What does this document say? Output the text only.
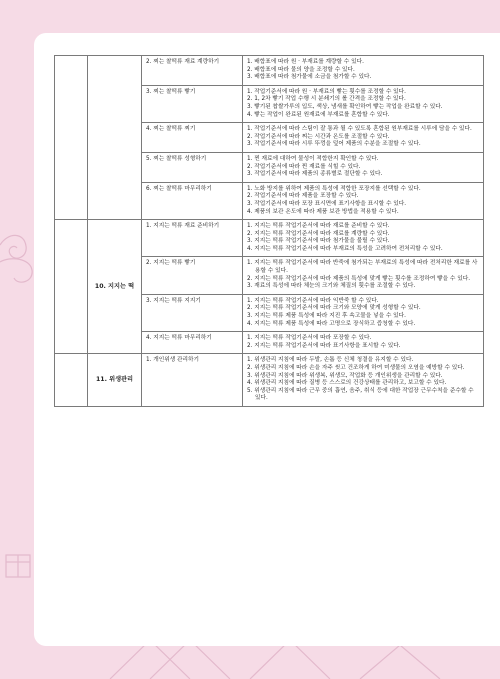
		2. 찌는 찰떡류 재료 계량하기	1. 배합표에 따라 원 · 부재료를 계량할 수 있다.
2. 배합표에 따라 물의 양을 조정할 수 있다.
3. 배합표에 따라 첨가물에 소금을 첨가할 수 있다.

		3. 찌는 찰떡류 빻기	1. 작업기준서에 따라 원 · 부재료의 빻는 횟수를 조정할 수 있다.
2. 1, 2차 빻기 작업 수행 시 분쇄기의 롤 간격을 조정할 수 있다.
3. 빻기된 찹쌀가루의 입도, 색상, 냄새를 확인하여 빻는 작업을 완료할 수 있다.
4. 빻는 작업이 완료된 원재료에 부재료를 혼합할 수 있다.

		4. 찌는 찰떡류 찌기	1. 작업기준서에 따라 스팀이 잘 통과 될 수 있도록 혼합된 원부재료를 시루에 담을 수 있다.
2. 작업기준서에 따라 찌는 시간과 온도를 조절할 수 있다.
3. 작업기준서에 따라 시루 뚜껑을 덮어 제품의 수분을 조절할 수 있다.

		5. 찌는 찰떡류 성형하기	1. 찐 재료에 대하여 물성이 적합한지 확인할 수 있다.
2. 작업기준서에 따라 찐 재료를 식힐 수 있다.
3. 작업기준서에 따라 제품의 종류별로 절단할 수 있다.

		6. 찌는 찰떡류 마무리하기	1. 노화 방지를 위하여 제품의 특성에 적합한 포장지를 선택할 수 있다.
2. 작업기준서에 따라 제품을 포장할 수 있다.
3. 작업기준서에 따라 포장 표시면에 표기사항을 표시할 수 있다.
4. 제품의 보관 온도에 따라 제품 보관 방법을 적용할 수 있다.

	10. 지지는 떡	1. 지지는 떡류 재료 준비하기	1. 지지는 떡류 작업기준서에 따라 재료를 준비할 수 있다.
2. 지지는 떡류 작업기준서에 따라 재료를 계량할 수 있다.
3. 지지는 떡류 작업기준서에 따라 첨가물을 불릴 수 있다.
4. 지지는 떡류 작업기준서에 따라 부재료의 특성을 고려하여 전처리할 수 있다.

		2. 지지는 떡류 빻기	1. 지지는 떡류 작업기준서에 따라 반죽에 첨가되는 부재료의 특성에 따라 전처리한 재료를 사용할 수 있다.
2. 지지는 떡류 작업기준서에 따라 제품의 특성에 맞게 빻는 횟수를 조정하여 빻을 수 있다.
3. 재료의 특성에 따라 체눈의 크기와 체질의 횟수를 조절할 수 있다.

		3. 지지는 떡류 지지기	1. 지지는 떡류 작업기준서에 따라 익반죽 할 수 있다.
2. 지지는 떡류 작업기준서에 따라 크기와 모양에 맞게 성형할 수 있다.
3. 지지는 떡류 제품 특성에 따라 지진 후 속고물을 넣을 수 있다.
4. 지지는 떡류 제품 특성에 따라 고명으로 장식하고 즙청할 수 있다.

		4. 지지는 떡류 마무리하기	1. 지지는 떡류 작업기준서에 따라 포장할 수 있다.
2. 지지는 떡류 작업기준서에 따라 표기사항을 표시할 수 있다.

	11. 위생관리	1. 개인위생 관리하기	1. 위생관리 지침에 따라 두발, 손톱 등 신체 청결을 유지할 수 있다.
2. 위생관리 지침에 따라 손을 자주 씻고 건조하게 하여 미생물의 오염을 예방할 수 있다.
3. 위생관리 지침에 따라 위생복, 위생모, 작업화 등 개인위생을 관리할 수 있다.
4. 위생관리 지침에 따라 질병 등 스스로의 건강상태를 관리하고, 보고할 수 있다.
5. 위생관리 지침에 따라 근무 중의 흡연, 음주, 취식 등에 대한 작업장 근무수칙을 준수할 수 있다.
